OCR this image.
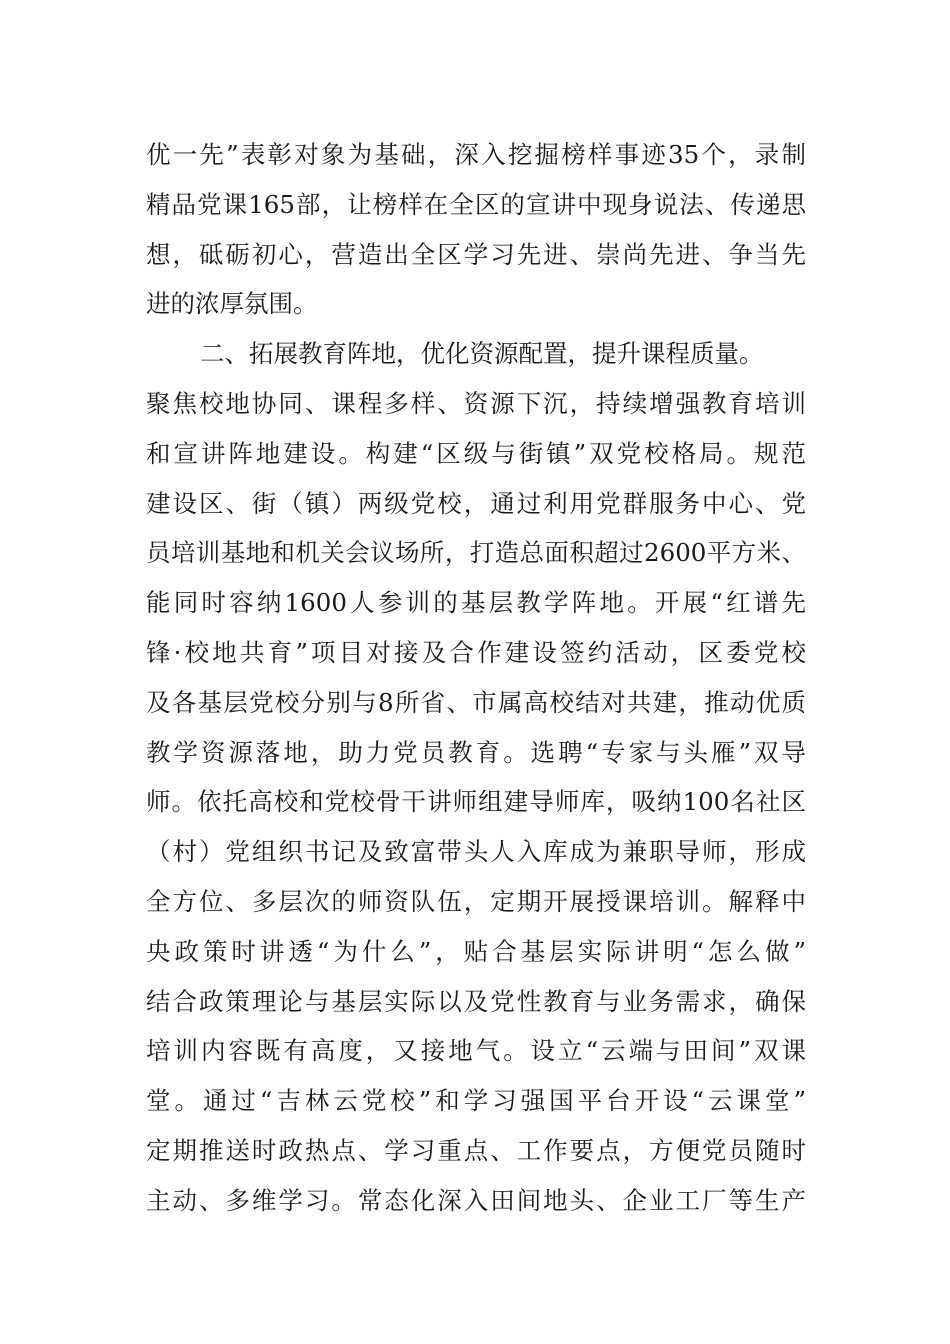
优一先”表彰对象为基础，深入挖掘榜样事迹35个，录制
精品党课165部，让榜样在全区的宣讲中现身说法、传递思
想，砥砺初心，营造出全区学习先进、崇尚先进、争当先
进的浓厚氛围。
二、拓展教育阵地，优化资源配置，提升课程质量。
聚焦校地协同、课程多样、资源下沉，持续增强教育培训
和宣讲阵地建设。构建“区级与街镇”双党校格局。规范
建设区、街（镇）两级党校，通过利用党群服务中心、党
员培训基地和机关会议场所，打造总面积超过2600平方米、
能同时容纳1600人参训的基层教学阵地。开展“红谱先
锋·校地共育”项目对接及合作建设签约活动，区委党校
及各基层党校分别与8所省、市属高校结对共建，推动优质
教学资源落地，助力党员教育。选聘“专家与头雁”双导
师。依托高校和党校骨干讲师组建导师库，吸纳100名社区
（村）党组织书记及致富带头人入库成为兼职导师，形成
全方位、多层次的师资队伍，定期开展授课培训。解释中
央政策时讲透“为什么”，贴合基层实际讲明“怎么做”
结合政策理论与基层实际以及党性教育与业务需求，确保
培训内容既有高度，又接地气。设立“云端与田间”双课
堂。通过“吉林云党校”和学习强国平台开设“云课堂”
定期推送时政热点、学习重点、工作要点，方便党员随时
主动、多维学习。常态化深入田间地头、企业工厂等生产
